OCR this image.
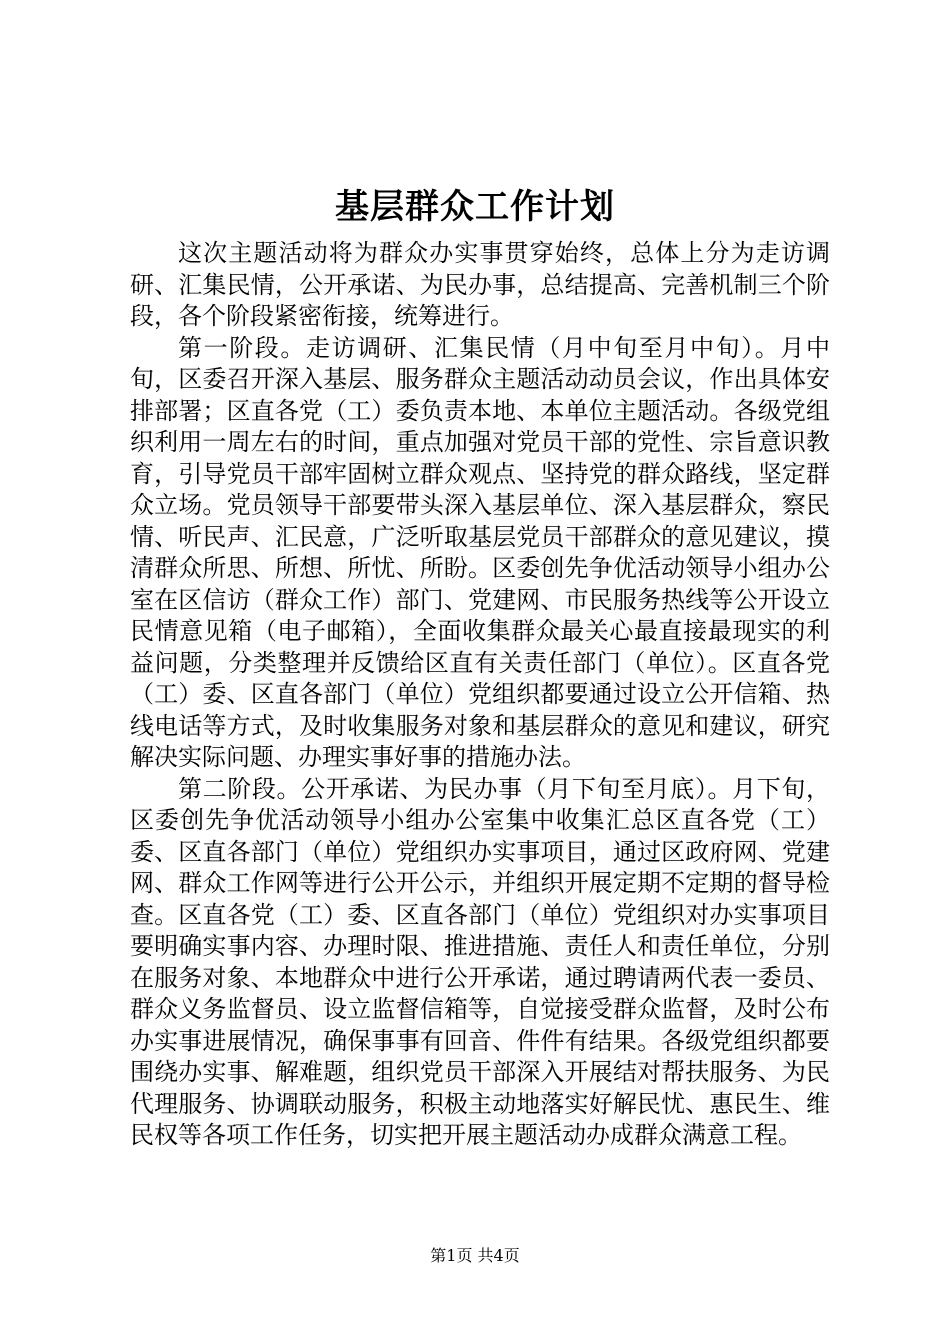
基层群众工作计划

这次主题活动将为群众办实事贯穿始终，总体上分为走访调研、汇集民情，公开承诺、为民办事，总结提高、完善机制三个阶段，各个阶段紧密衔接，统筹进行。

第一阶段。走访调研、汇集民情（月中旬至月中旬）。月中旬，区委召开深入基层、服务群众主题活动动员会议，作出具体安排部署；区直各党（工）委负责本地、本单位主题活动。各级党组织利用一周左右的时间，重点加强对党员干部的党性、宗旨意识教育，引导党员干部牢固树立群众观点、坚持党的群众路线，坚定群众立场。党员领导干部要带头深入基层单位、深入基层群众，察民情、听民声、汇民意，广泛听取基层党员干部群众的意见建议，摸清群众所思、所想、所忧、所盼。区委创先争优活动领导小组办公室在区信访（群众工作）部门、党建网、市民服务热线等公开设立民情意见箱（电子邮箱），全面收集群众最关心最直接最现实的利益问题，分类整理并反馈给区直有关责任部门（单位）。区直各党（工）委、区直各部门（单位）党组织都要通过设立公开信箱、热线电话等方式，及时收集服务对象和基层群众的意见和建议，研究解决实际问题、办理实事好事的措施办法。

第二阶段。公开承诺、为民办事（月下旬至月底）。月下旬，区委创先争优活动领导小组办公室集中收集汇总区直各党（工）委、区直各部门（单位）党组织办实事项目，通过区政府网、党建网、群众工作网等进行公开公示，并组织开展定期不定期的督导检查。区直各党（工）委、区直各部门（单位）党组织对办实事项目要明确实事内容、办理时限、推进措施、责任人和责任单位，分别在服务对象、本地群众中进行公开承诺，通过聘请两代表一委员、群众义务监督员、设立监督信箱等，自觉接受群众监督，及时公布办实事进展情况，确保事事有回音、件件有结果。各级党组织都要围绕办实事、解难题，组织党员干部深入开展结对帮扶服务、为民代理服务、协调联动服务，积极主动地落实好解民忧、惠民生、维民权等各项工作任务，切实把开展主题活动办成群众满意工程。

第1页 共4页
